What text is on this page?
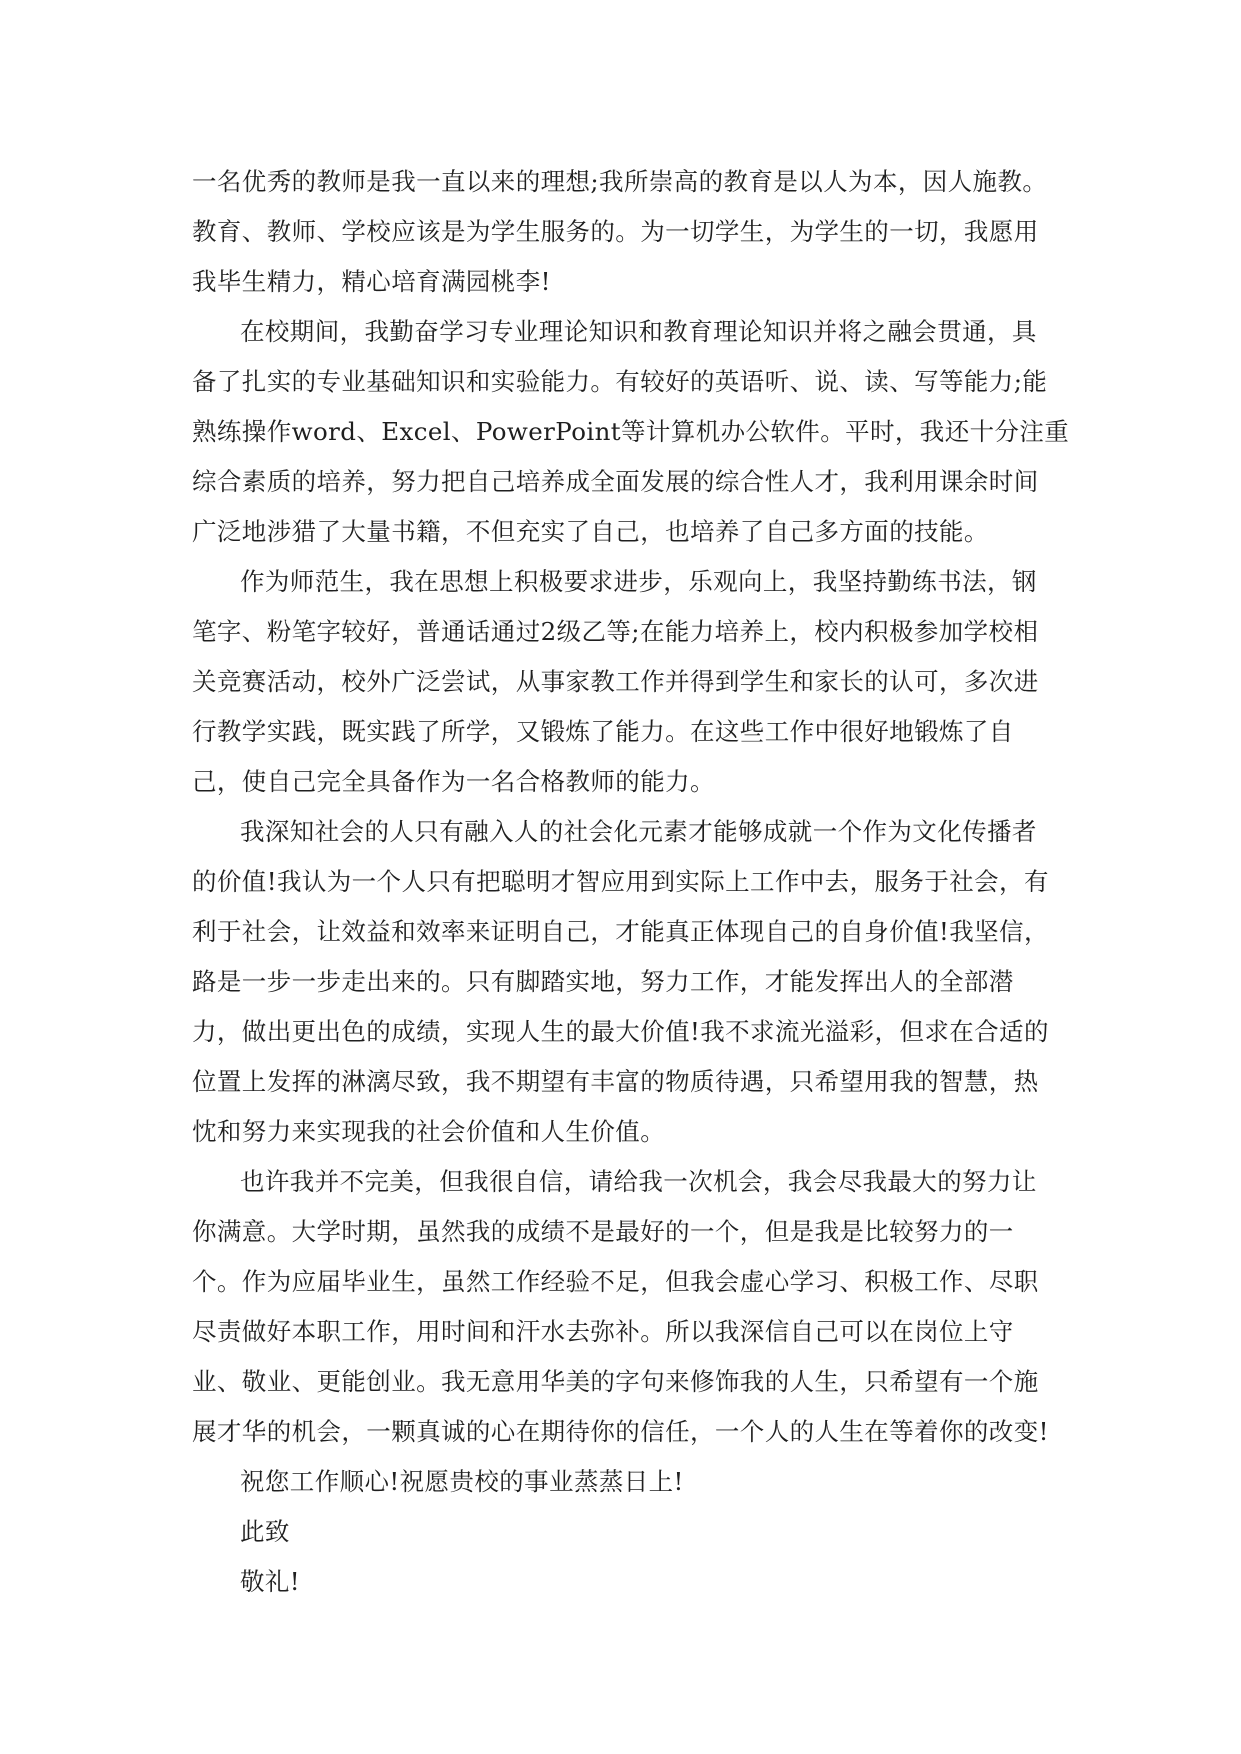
一名优秀的教师是我一直以来的理想;我所崇高的教育是以人为本，因人施教。
教育、教师、学校应该是为学生服务的。为一切学生，为学生的一切，我愿用
我毕生精力，精心培育满园桃李!
在校期间，我勤奋学习专业理论知识和教育理论知识并将之融会贯通，具
备了扎实的专业基础知识和实验能力。有较好的英语听、说、读、写等能力;能
熟练操作word、Excel、PowerPoint等计算机办公软件。平时，我还十分注重
综合素质的培养，努力把自己培养成全面发展的综合性人才，我利用课余时间
广泛地涉猎了大量书籍，不但充实了自己，也培养了自己多方面的技能。
作为师范生，我在思想上积极要求进步，乐观向上，我坚持勤练书法，钢
笔字、粉笔字较好，普通话通过2级乙等;在能力培养上，校内积极参加学校相
关竞赛活动，校外广泛尝试，从事家教工作并得到学生和家长的认可，多次进
行教学实践，既实践了所学，又锻炼了能力。在这些工作中很好地锻炼了自
己，使自己完全具备作为一名合格教师的能力。
我深知社会的人只有融入人的社会化元素才能够成就一个作为文化传播者
的价值!我认为一个人只有把聪明才智应用到实际上工作中去，服务于社会，有
利于社会，让效益和效率来证明自己，才能真正体现自己的自身价值!我坚信，
路是一步一步走出来的。只有脚踏实地，努力工作，才能发挥出人的全部潜
力，做出更出色的成绩，实现人生的最大价值!我不求流光溢彩，但求在合适的
位置上发挥的淋漓尽致，我不期望有丰富的物质待遇，只希望用我的智慧，热
忱和努力来实现我的社会价值和人生价值。
也许我并不完美，但我很自信，请给我一次机会，我会尽我最大的努力让
你满意。大学时期，虽然我的成绩不是最好的一个，但是我是比较努力的一
个。作为应届毕业生，虽然工作经验不足，但我会虚心学习、积极工作、尽职
尽责做好本职工作，用时间和汗水去弥补。所以我深信自己可以在岗位上守
业、敬业、更能创业。我无意用华美的字句来修饰我的人生，只希望有一个施
展才华的机会，一颗真诚的心在期待你的信任，一个人的人生在等着你的改变!
祝您工作顺心!祝愿贵校的事业蒸蒸日上!
此致
敬礼!
